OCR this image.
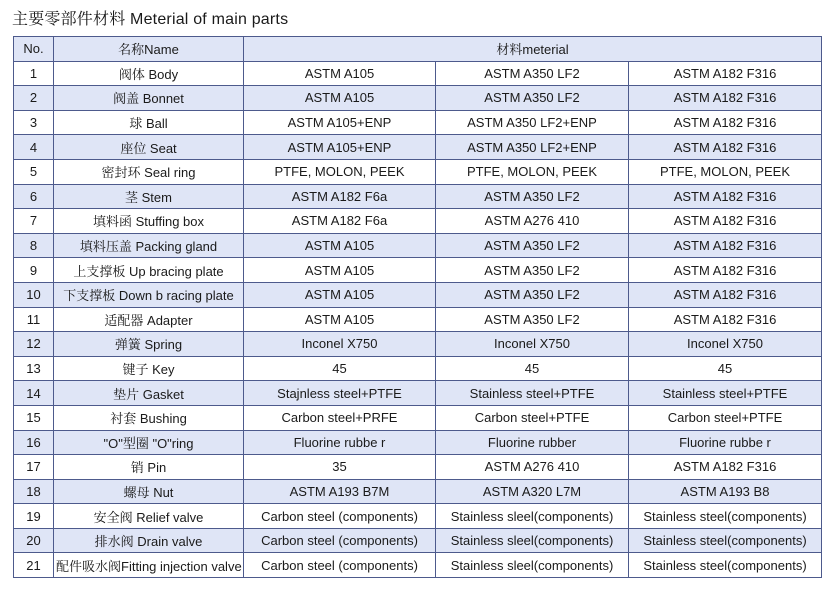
主要零部件材料 Meterial of main parts
No.	名称Name	材料meterial		
1	阀体 Body	ASTM A105	ASTM A350 LF2	ASTM A182 F316
2	阀盖 Bonnet	ASTM A105	ASTM A350 LF2	ASTM A182 F316
3	球 Ball	ASTM A105+ENP	ASTM A350 LF2+ENP	ASTM A182 F316
4	座位 Seat	ASTM A105+ENP	ASTM A350 LF2+ENP	ASTM A182 F316
5	密封环 Seal ring	PTFE, MOLON, PEEK	PTFE, MOLON, PEEK	PTFE, MOLON, PEEK
6	茎 Stem	ASTM A182 F6a	ASTM A350 LF2	ASTM A182 F316
7	填料函 Stuffing box	ASTM A182 F6a	ASTM A276 410	ASTM A182 F316
8	填料压盖 Packing gland	ASTM A105	ASTM A350 LF2	ASTM A182 F316
9	上支撑板 Up bracing plate	ASTM A105	ASTM A350 LF2	ASTM A182 F316
10	下支撑板 Down b racing plate	ASTM A105	ASTM A350 LF2	ASTM A182 F316
11	适配器 Adapter	ASTM A105	ASTM A350 LF2	ASTM A182 F316
12	弹簧 Spring	Inconel X750	Inconel X750	Inconel X750
13	键子 Key	45	45	45
14	垫片 Gasket	Stajnless steel+PTFE	Stainless steel+PTFE	Stainless steel+PTFE
15	衬套 Bushing	Carbon steel+PRFE	Carbon steel+PTFE	Carbon steel+PTFE
16	"O"型圈 "O"ring	Fluorine rubbe r	Fluorine rubber	Fluorine rubbe r
17	销 Pin	35	ASTM A276 410	ASTM A182 F316
18	螺母 Nut	ASTM A193 B7M	ASTM A320 L7M	ASTM A193 B8
19	安全阀 Relief valve	Carbon steel (components)	Stainless sleel(components)	Stainless steel(components)
20	排水阀 Drain valve	Carbon steel (components)	Stainless sleel(components)	Stainless steel(components)
21	配件吸水阀Fitting injection valve	Carbon steel (components)	Stainless sleel(components)	Stainless steel(components)
